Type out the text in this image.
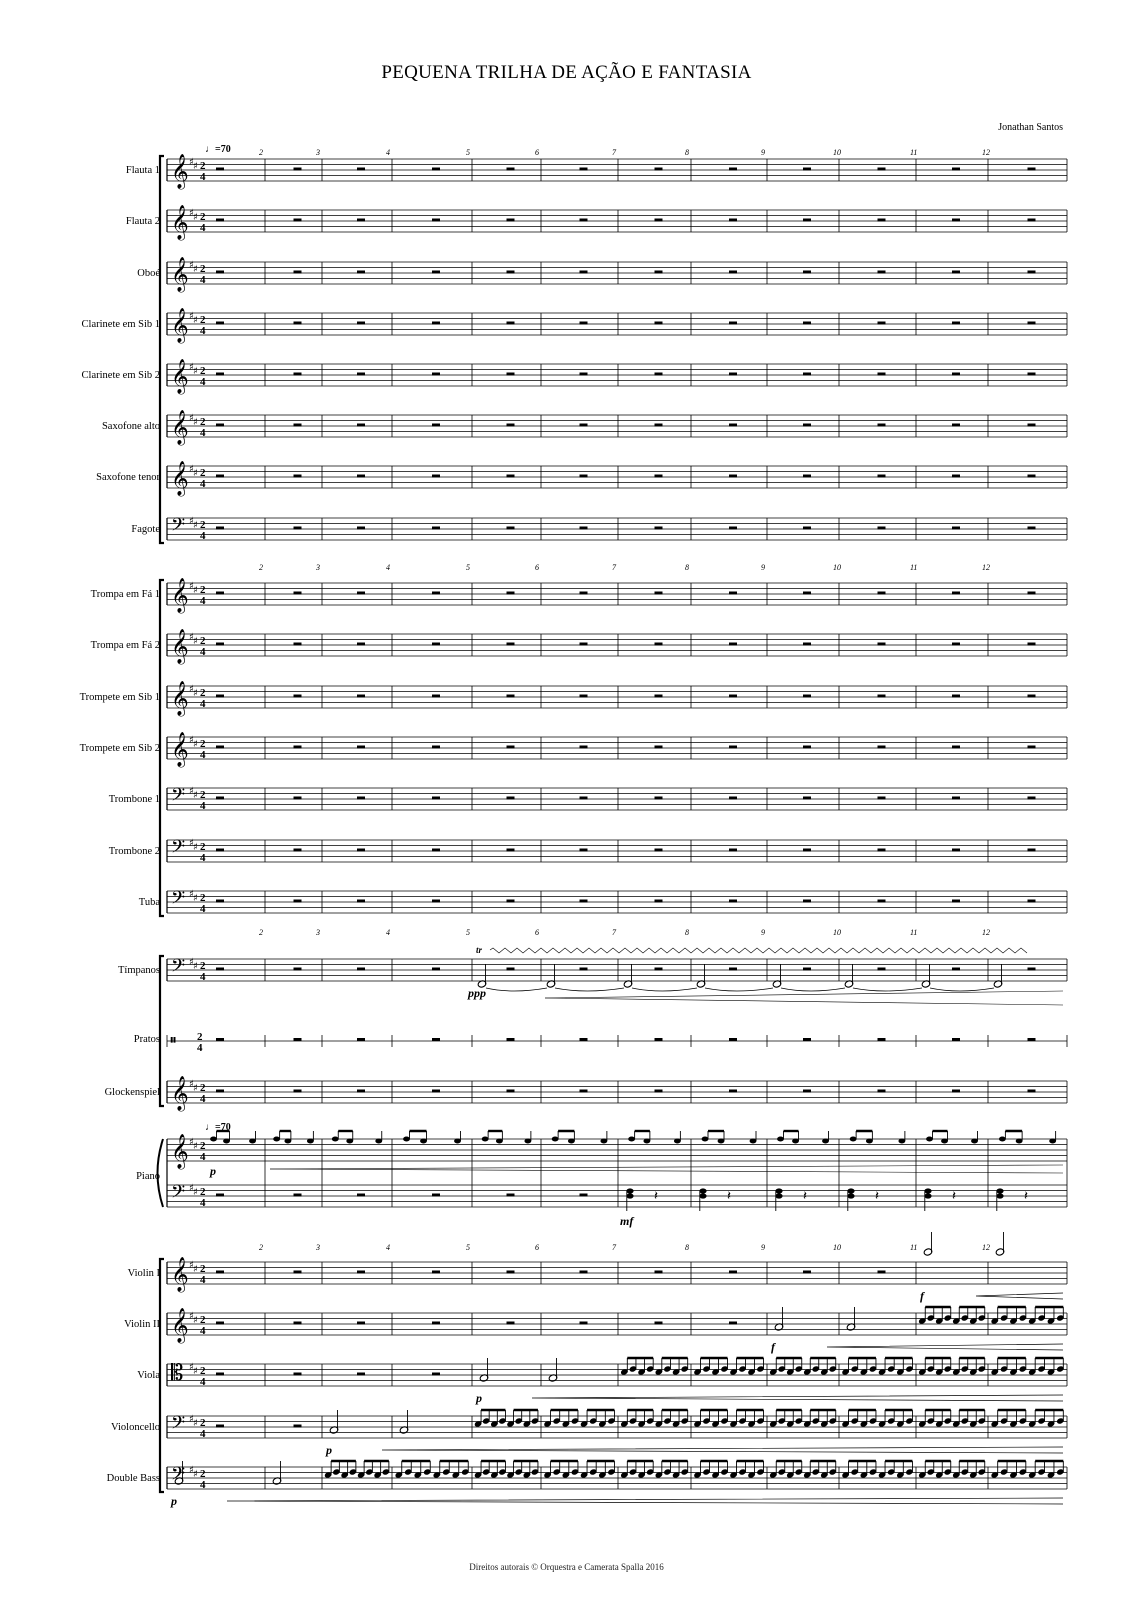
PEQUENA TRILHA DE AÇÃO E FANTASIA
Jonathan Santos
Direitos autorais © Orquestra e Camerata Spalla 2016
♩=70	2	3	4	5	6	7	8	9	10	11	12
2	3	4	5	6	7	8	9	10	11	12
2	3	4	5	6	7	8	9	10	11	12
2	3	4	5	6	7	8	9	10	11	12
Flauta 1 𝄞 ♯ ♯ 2
4
Flauta 2 𝄞 ♯ ♯ 2
4
Oboé 𝄞 ♯ ♯ 2
4
Clarinete em Sib 1 𝄞 ♯ ♯ 2
4
Clarinete em Sib 2 𝄞 ♯ ♯ 2
4
Saxofone alto 𝄞 ♯ ♯ 2
4
Saxofone tenor 𝄞 ♯ ♯ 2
4
Fagote 𝄢 ♯ ♯ 2
4
Trompa em Fá 1 𝄞 ♯ ♯ 2
4
Trompa em Fá 2 𝄞 ♯ ♯ 2
4
Trompete em Sib 1 𝄞 ♯ ♯ 2
4
Trompete em Sib 2 𝄞 ♯ ♯ 2
4
Trombone 1 𝄢 ♯ ♯ 2
4
Trombone 2 𝄢 ♯ ♯ 2
4
Tuba 𝄢 ♯ ♯ 2
4
Tímpanos 𝄢 ♯ ♯ 2
4
tr
ppp
Pratos 𝄥 2
4
Glockenspiel 𝄞 ♯ ♯ 2
4
Piano
𝄞 ♯ ♯ 2
4
𝄢 ♯ ♯ 2
4
♩=70
p
𝄽	𝄽	𝄽	𝄽	𝄽	𝄽
mf
Violin I 𝄞 ♯ ♯ 2
4
f
Violin II 𝄞 ♯ ♯ 2
4
f
Viola 𝄡 ♯ ♯ 2
4
p
Violoncello 𝄢 ♯ ♯ 2
4
p
Double Bass 𝄢 ♯ ♯ 2
4
p
